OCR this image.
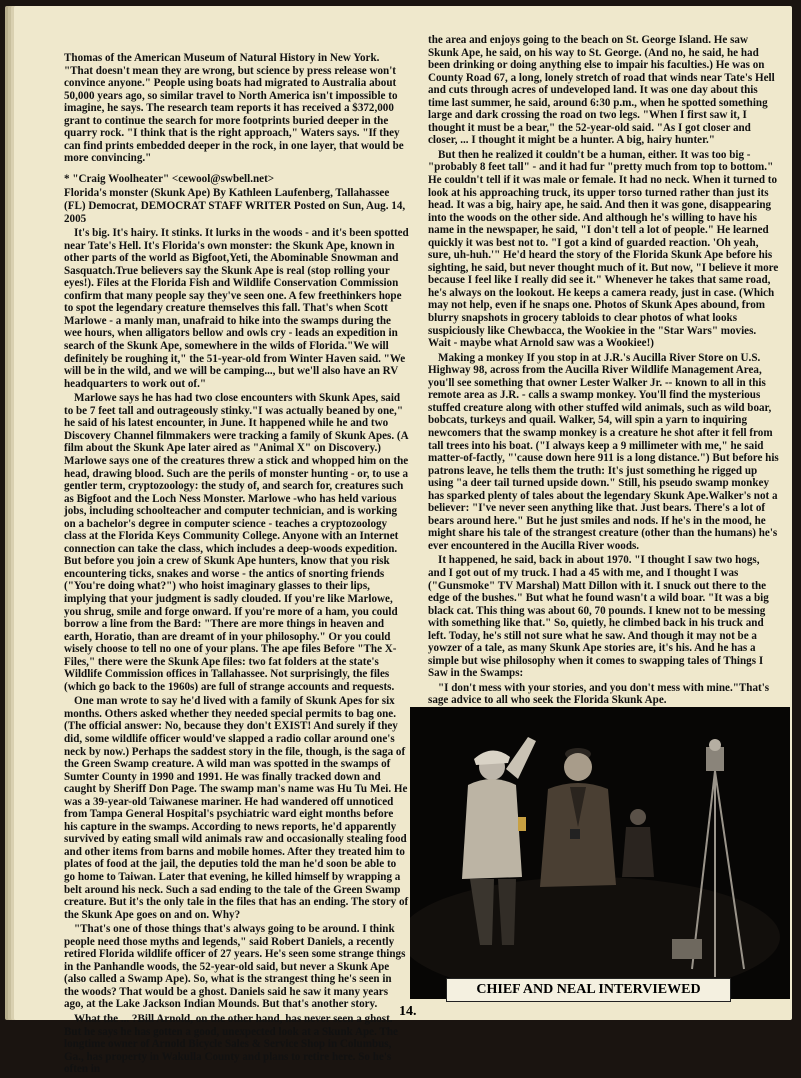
Thomas of the American Museum of Natural History in New York. "That doesn't mean they are wrong, but science by press release won't convince anyone." People using boats had migrated to Australia about 50,000 years ago, so similar travel to North America isn't impossible to imagine, he says. The research team reports it has received a $372,000 grant to continue the search for more footprints buried deeper in the quarry rock. "I think that is the right approach," Waters says. "If they can find prints embedded deeper in the rock, in one layer, that would be more convincing."

* "Craig Woolheater" <cewool@swbell.net>

Florida's monster (Skunk Ape) By Kathleen Laufenberg, Tallahassee (FL) Democrat, DEMOCRAT STAFF WRITER Posted on Sun, Aug. 14, 2005

It's big. It's hairy. It stinks. It lurks in the woods - and it's been spotted near Tate's Hell. It's Florida's own monster: the Skunk Ape, known in other parts of the world as Bigfoot,Yeti, the Abominable Snowman and Sasquatch.True believers say the Skunk Ape is real (stop rolling your eyes!). Files at the Florida Fish and Wildlife Conservation Commission confirm that many people say they've seen one. A few freethinkers hope to spot the legendary creature themselves this fall. That's when Scott Marlowe - a manly man, unafraid to hike into the swamps during the wee hours, when alligators bellow and owls cry - leads an expedition in search of the Skunk Ape, somewhere in the wilds of Florida."We will definitely be roughing it," the 51-year-old from Winter Haven said. "We will be in the wild, and we will be camping..., but we'll also have an RV headquarters to work out of."

Marlowe says he has had two close encounters with Skunk Apes, said to be 7 feet tall and outrageously stinky."I was actually beaned by one," he said of his latest encounter, in June. It happened while he and two Discovery Channel filmmakers were tracking a family of Skunk Apes. (A film about the Skunk Ape later aired as "Animal X" on Discovery.) Marlowe says one of the creatures threw a stick and whopped him on the head, drawing blood. Such are the perils of monster hunting - or, to use a gentler term, cryptozoology: the study of, and search for, creatures such as Bigfoot and the Loch Ness Monster. Marlowe -who has held various jobs, including schoolteacher and computer technician, and is working on a bachelor's degree in computer science - teaches a cryptozoology class at the Florida Keys Community College. Anyone with an Internet connection can take the class, which includes a deep-woods expedition. But before you join a crew of Skunk Ape hunters, know that you risk encountering ticks, snakes and worse - the antics of snorting friends ("You're doing what?") who hoist imaginary glasses to their lips, implying that your judgment is sadly clouded. If you're like Marlowe, you shrug, smile and forge onward. If you're more of a ham, you could borrow a line from the Bard: "There are more things in heaven and earth, Horatio, than are dreamt of in your philosophy." Or you could wisely choose to tell no one of your plans. The ape files Before "The X-Files," there were the Skunk Ape files: two fat folders at the state's Wildlife Commission offices in Tallahassee. Not surprisingly, the files (which go back to the 1960s) are full of strange accounts and requests.

One man wrote to say he'd lived with a family of Skunk Apes for six months. Others asked whether they needed special permits to bag one. (The official answer: No, because they don't EXIST! And surely if they did, some wildlife officer would've slapped a radio collar around one's neck by now.) Perhaps the saddest story in the file, though, is the saga of the Green Swamp creature. A wild man was spotted in the swamps of Sumter County in 1990 and 1991. He was finally tracked down and caught by Sheriff Don Page. The swamp man's name was Hu Tu Mei. He was a 39-year-old Taiwanese mariner. He had wandered off unnoticed from Tampa General Hospital's psychiatric ward eight months before his capture in the swamps. According to news reports, he'd apparently survived by eating small wild animals raw and occasionally stealing food and other items from barns and mobile homes. After they treated him to plates of food at the jail, the deputies told the man he'd soon be able to go home to Taiwan. Later that evening, he killed himself by wrapping a belt around his neck. Such a sad ending to the tale of the Green Swamp creature. But it's the only tale in the files that has an ending. The story of the Skunk Ape goes on and on. Why?

"That's one of those things that's always going to be around. I think people need those myths and legends," said Robert Daniels, a recently retired Florida wildlife officer of 27 years. He's seen some strange things in the Panhandle woods, the 52-year-old said, but never a Skunk Ape (also called a Swamp Ape). So, what is the strangest thing he's seen in the woods? That would be a ghost. Daniels said he saw it many years ago, at the Lake Jackson Indian Mounds. But that's another story.

What the ... ?Bill Arnold, on the other hand, has never seen a ghost. But he says he has gotten a good, unexpected look at a Skunk Ape. The longtime owner of Arnold Bicycle Sales & Service Shop in Columbus, Ga., has property in Wakulla County and plans to retire here. So he's often in

the area and enjoys going to the beach on St. George Island. He saw Skunk Ape, he said, on his way to St. George. (And no, he said, he had been drinking or doing anything else to impair his faculties.) He was on County Road 67, a long, lonely stretch of road that winds near Tate's Hell and cuts through acres of undeveloped land. It was one day about this time last summer, he said, around 6:30 p.m., when he spotted something large and dark crossing the road on two legs. "When I first saw it, I thought it must be a bear," the 52-year-old said. "As I got closer and closer, ... I thought it might be a hunter. A big, hairy hunter."

But then he realized it couldn't be a human, either. It was too big - "probably 8 feet tall" - and it had fur "pretty much from top to bottom." He couldn't tell if it was male or female. It had no neck. When it turned to look at his approaching truck, its upper torso turned rather than just its head. It was a big, hairy ape, he said. And then it was gone, disappearing into the woods on the other side. And although he's willing to have his name in the newspaper, he said, "I don't tell a lot of people." He learned quickly it was best not to. "I got a kind of guarded reaction. 'Oh yeah, sure, uh-huh.'" He'd heard the story of the Florida Skunk Ape before his sighting, he said, but never thought much of it. But now, "I believe it more because I feel like I really did see it." Whenever he takes that same road, he's always on the lookout. He keeps a camera ready, just in case. (Which may not help, even if he snaps one. Photos of Skunk Apes abound, from blurry snapshots in grocery tabloids to clear photos of what looks suspiciously like Chewbacca, the Wookiee in the "Star Wars" movies. Wait - maybe what Arnold saw was a Wookiee!)

Making a monkey If you stop in at J.R.'s Aucilla River Store on U.S. Highway 98, across from the Aucilla River Wildlife Management Area, you'll see something that owner Lester Walker Jr. -- known to all in this remote area as J.R. - calls a swamp monkey. You'll find the mysterious stuffed creature along with other stuffed wild animals, such as wild boar, bobcats, turkeys and quail. Walker, 54, will spin a yarn to inquiring newcomers that the swamp monkey is a creature he shot after it fell from tall trees into his boat. ("I always keep a 9 millimeter with me," he said matter-of-factly, "'cause down here 911 is a long distance.") But before his patrons leave, he tells them the truth: It's just something he rigged up using "a deer tail turned upside down." Still, his pseudo swamp monkey has sparked plenty of tales about the legendary Skunk Ape.Walker's not a believer: "I've never seen anything like that. Just bears. There's a lot of bears around here." But he just smiles and nods. If he's in the mood, he might share his tale of the strangest creature (other than the humans) he's ever encountered in the Aucilla River woods.

It happened, he said, back in about 1970. "I thought I saw two hogs, and I got out of my truck. I had a 45 with me, and I thought I was ("Gunsmoke" TV Marshal) Matt Dillon with it. I snuck out there to the edge of the bushes." But what he found wasn't a wild boar. "It was a big black cat. This thing was about 60, 70 pounds. I knew not to be messing with something like that." So, quietly, he climbed back in his truck and left. Today, he's still not sure what he saw. And though it may not be a yowzer of a tale, as many Skunk Ape stories are, it's his. And he has a simple but wise philosophy when it comes to swapping tales of Things I Saw in the Swamps:

"I don't mess with your stories, and you don't mess with mine."That's sage advice to all who seek the Florida Skunk Ape.

CHIEF AND NEAL INTERVIEWED
14.
